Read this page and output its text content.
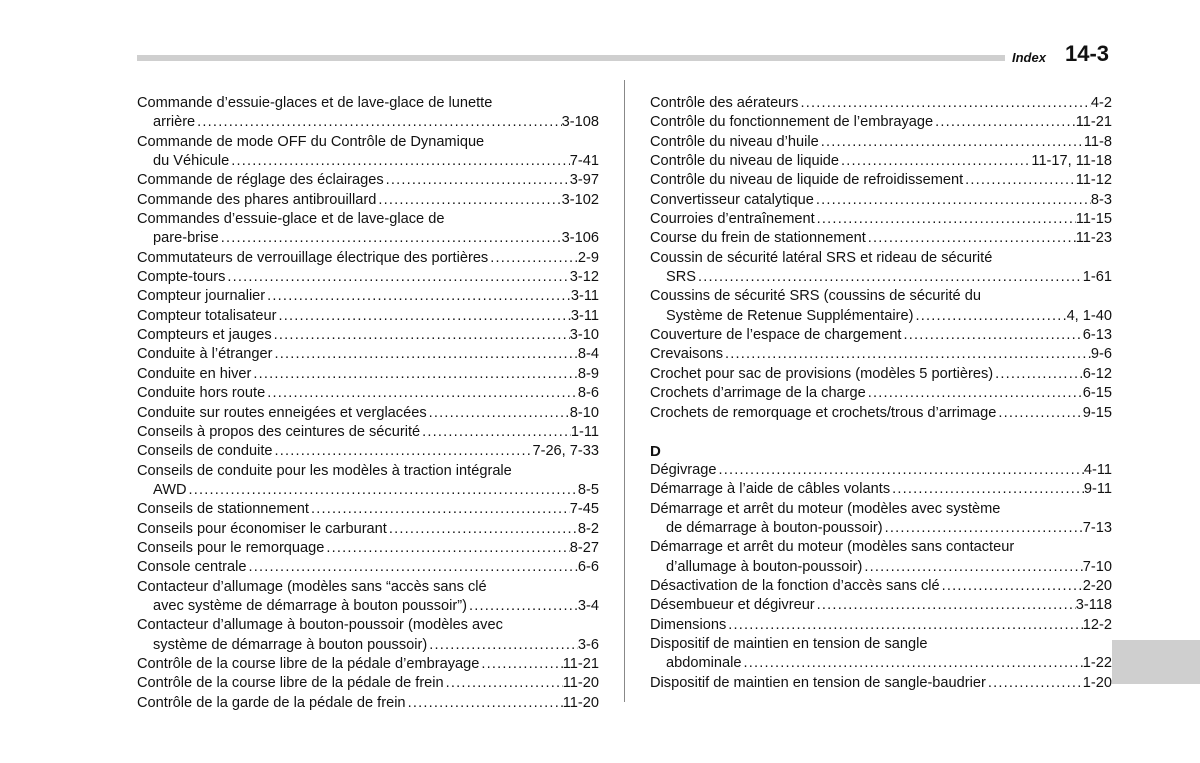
Index 14-3
Commande d’essuie-glaces et de lave-glace de lunette
arrière .....	3-108
Commande de mode OFF du Contrôle de Dynamique
du Véhicule .....	7-41
Commande de réglage des éclairages .....	3-97
Commande des phares antibrouillard .....	3-102
Commandes d’essuie-glace et de lave-glace de
pare-brise .....	3-106
Commutateurs de verrouillage électrique des portières .....	2-9
Compte-tours .....	3-12
Compteur journalier .....	3-11
Compteur totalisateur .....	3-11
Compteurs et jauges .....	3-10
Conduite à l’étranger .....	8-4
Conduite en hiver .....	8-9
Conduite hors route .....	8-6
Conduite sur routes enneigées et verglacées .....	8-10
Conseils à propos des ceintures de sécurité .....	1-11
Conseils de conduite .....	7-26, 7-33
Conseils de conduite pour les modèles à traction intégrale
AWD .....	8-5
Conseils de stationnement .....	7-45
Conseils pour économiser le carburant .....	8-2
Conseils pour le remorquage .....	8-27
Console centrale .....	6-6
Contacteur d’allumage (modèles sans “accès sans clé
avec système de démarrage à bouton poussoir”) .....	3-4
Contacteur d’allumage à bouton-poussoir (modèles avec
système de démarrage à bouton poussoir) .....	3-6
Contrôle de la course libre de la pédale d’embrayage .....	11-21
Contrôle de la course libre de la pédale de frein .....	11-20
Contrôle de la garde de la pédale de frein .....	11-20
Contrôle des aérateurs .....	4-2
Contrôle du fonctionnement de l’embrayage .....	11-21
Contrôle du niveau d’huile .....	11-8
Contrôle du niveau de liquide .....	11-17, 11-18
Contrôle du niveau de liquide de refroidissement .....	11-12
Convertisseur catalytique .....	8-3
Courroies d’entraînement .....	11-15
Course du frein de stationnement .....	11-23
Coussin de sécurité latéral SRS et rideau de sécurité
SRS .....	1-61
Coussins de sécurité SRS (coussins de sécurité du
Système de Retenue Supplémentaire) .....	4, 1-40
Couverture de l’espace de chargement .....	6-13
Crevaisons .....	9-6
Crochet pour sac de provisions (modèles 5 portières) .....	6-12
Crochets d’arrimage de la charge .....	6-15
Crochets de remorquage et crochets/trous d’arrimage .....	9-15
D
Dégivrage .....	4-11
Démarrage à l’aide de câbles volants .....	9-11
Démarrage et arrêt du moteur (modèles avec système
de démarrage à bouton-poussoir) .....	7-13
Démarrage et arrêt du moteur (modèles sans contacteur
d’allumage à bouton-poussoir) .....	7-10
Désactivation de la fonction d’accès sans clé .....	2-20
Désembueur et dégivreur .....	3-118
Dimensions .....	12-2
Dispositif de maintien en tension de sangle
abdominale .....	1-22
Dispositif de maintien en tension de sangle-baudrier .....	1-20
